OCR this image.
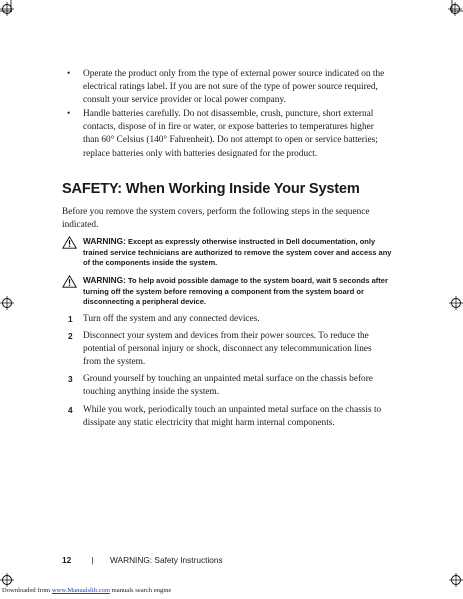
• Operate the product only from the type of external power source indicated on the electrical ratings label. If you are not sure of the type of power source required, consult your service provider or local power company.
• Handle batteries carefully. Do not disassemble, crush, puncture, short external contacts, dispose of in fire or water, or expose batteries to temperatures higher than 60° Celsius (140° Fahrenheit). Do not attempt to open or service batteries; replace batteries only with batteries designated for the product.
SAFETY: When Working Inside Your System
Before you remove the system covers, perform the following steps in the sequence indicated.
WARNING: Except as expressly otherwise instructed in Dell documentation, only trained service technicians are authorized to remove the system cover and access any of the components inside the system.
WARNING: To help avoid possible damage to the system board, wait 5 seconds after turning off the system before removing a component from the system board or disconnecting a peripheral device.
1 Turn off the system and any connected devices.
2 Disconnect your system and devices from their power sources. To reduce the potential of personal injury or shock, disconnect any telecommunication lines from the system.
3 Ground yourself by touching an unpainted metal surface on the chassis before touching anything inside the system.
4 While you work, periodically touch an unpainted metal surface on the chassis to dissipate any static electricity that might harm internal components.
12 | WARNING: Safety Instructions
Downloaded from www.Manualslib.com manuals search engine
